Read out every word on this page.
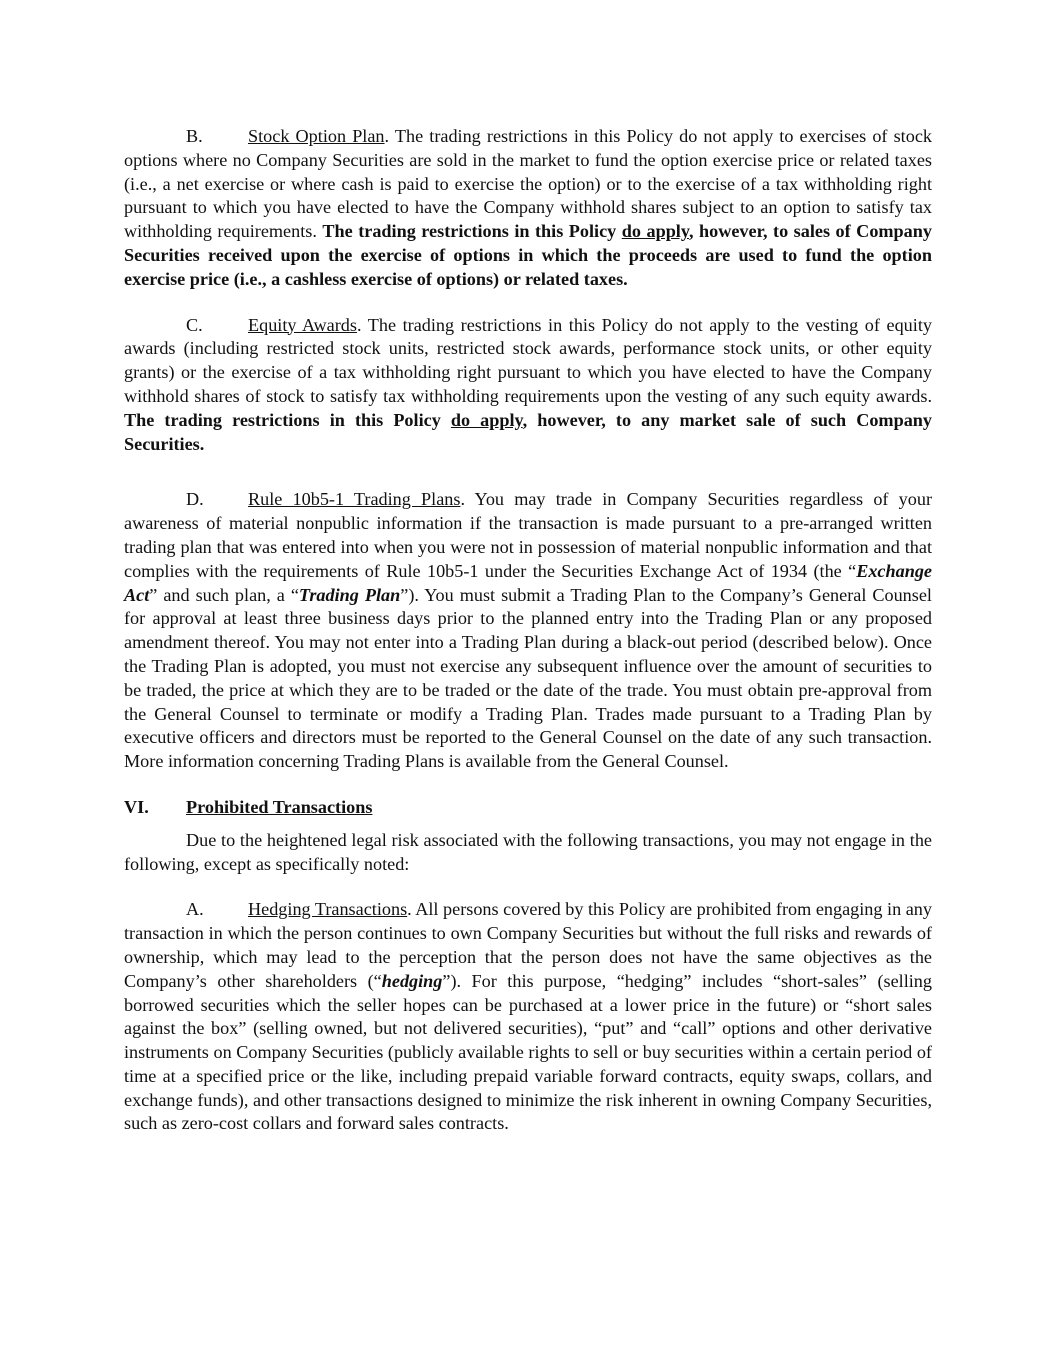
B. Stock Option Plan. The trading restrictions in this Policy do not apply to exercises of stock options where no Company Securities are sold in the market to fund the option exercise price or related taxes (i.e., a net exercise or where cash is paid to exercise the option) or to the exercise of a tax withholding right pursuant to which you have elected to have the Company withhold shares subject to an option to satisfy tax withholding requirements. The trading restrictions in this Policy do apply, however, to sales of Company Securities received upon the exercise of options in which the proceeds are used to fund the option exercise price (i.e., a cashless exercise of options) or related taxes.

C. Equity Awards. The trading restrictions in this Policy do not apply to the vesting of equity awards (including restricted stock units, restricted stock awards, performance stock units, or other equity grants) or the exercise of a tax withholding right pursuant to which you have elected to have the Company withhold shares of stock to satisfy tax withholding requirements upon the vesting of any such equity awards. The trading restrictions in this Policy do apply, however, to any market sale of such Company Securities.

D. Rule 10b5-1 Trading Plans. You may trade in Company Securities regardless of your awareness of material nonpublic information if the transaction is made pursuant to a pre-arranged written trading plan that was entered into when you were not in possession of material nonpublic information and that complies with the requirements of Rule 10b5-1 under the Securities Exchange Act of 1934 (the “Exchange Act” and such plan, a “Trading Plan”). You must submit a Trading Plan to the Company’s General Counsel for approval at least three business days prior to the planned entry into the Trading Plan or any proposed amendment thereof. You may not enter into a Trading Plan during a black-out period (described below). Once the Trading Plan is adopted, you must not exercise any subsequent influence over the amount of securities to be traded, the price at which they are to be traded or the date of the trade. You must obtain pre-approval from the General Counsel to terminate or modify a Trading Plan. Trades made pursuant to a Trading Plan by executive officers and directors must be reported to the General Counsel on the date of any such transaction. More information concerning Trading Plans is available from the General Counsel.

VI. Prohibited Transactions

Due to the heightened legal risk associated with the following transactions, you may not engage in the following, except as specifically noted:

A. Hedging Transactions. All persons covered by this Policy are prohibited from engaging in any transaction in which the person continues to own Company Securities but without the full risks and rewards of ownership, which may lead to the perception that the person does not have the same objectives as the Company’s other shareholders (“hedging”). For this purpose, “hedging” includes “short-sales” (selling borrowed securities which the seller hopes can be purchased at a lower price in the future) or “short sales against the box” (selling owned, but not delivered securities), “put” and “call” options and other derivative instruments on Company Securities (publicly available rights to sell or buy securities within a certain period of time at a specified price or the like, including prepaid variable forward contracts, equity swaps, collars, and exchange funds), and other transactions designed to minimize the risk inherent in owning Company Securities, such as zero-cost collars and forward sales contracts.
